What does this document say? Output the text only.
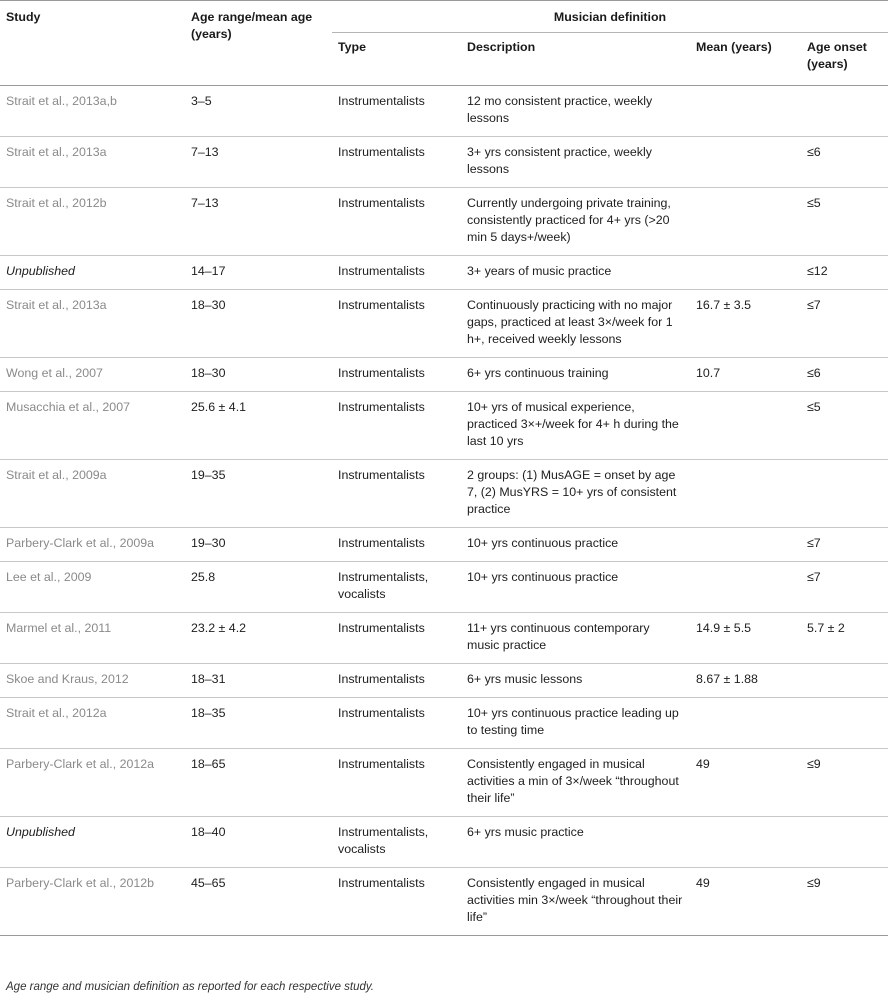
Study	Age range/mean age (years)	Musician definition			
		Type	Description	Mean (years)	Age onset (years)
Strait et al., 2013a,b	3–5	Instrumentalists	12 mo consistent practice, weekly lessons		
Strait et al., 2013a	7–13	Instrumentalists	3+ yrs consistent practice, weekly lessons		≤6
Strait et al., 2012b	7–13	Instrumentalists	Currently undergoing private training, consistently practiced for 4+ yrs (>20 min 5 days+/week)		≤5
Unpublished	14–17	Instrumentalists	3+ years of music practice		≤12
Strait et al., 2013a	18–30	Instrumentalists	Continuously practicing with no major gaps, practiced at least 3×/week for 1 h+, received weekly lessons	16.7 ± 3.5	≤7
Wong et al., 2007	18–30	Instrumentalists	6+ yrs continuous training	10.7	≤6
Musacchia et al., 2007	25.6 ± 4.1	Instrumentalists	10+ yrs of musical experience, practiced 3×+/week for 4+ h during the last 10 yrs		≤5
Strait et al., 2009a	19–35	Instrumentalists	2 groups: (1) MusAGE = onset by age 7, (2) MusYRS = 10+ yrs of consistent practice		
Parbery-Clark et al., 2009a	19–30	Instrumentalists	10+ yrs continuous practice		≤7
Lee et al., 2009	25.8	Instrumentalists, vocalists	10+ yrs continuous practice		≤7
Marmel et al., 2011	23.2 ± 4.2	Instrumentalists	11+ yrs continuous contemporary music practice	14.9 ± 5.5	5.7 ± 2
Skoe and Kraus, 2012	18–31	Instrumentalists	6+ yrs music lessons	8.67 ± 1.88	
Strait et al., 2012a	18–35	Instrumentalists	10+ yrs continuous practice leading up to testing time		
Parbery-Clark et al., 2012a	18–65	Instrumentalists	Consistently engaged in musical activities a min of 3×/week “throughout their life”	49	≤9
Unpublished	18–40	Instrumentalists, vocalists	6+ yrs music practice		
Parbery-Clark et al., 2012b	45–65	Instrumentalists	Consistently engaged in musical activities min 3×/week “throughout their life”	49	≤9
Age range and musician definition as reported for each respective study.
